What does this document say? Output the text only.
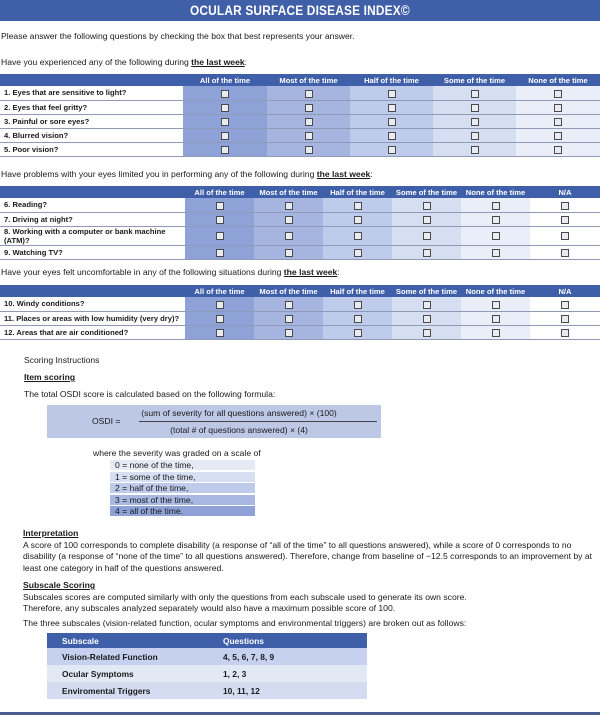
OCULAR SURFACE DISEASE INDEX©
Please answer the following questions by checking the box that best represents your answer.
Have you experienced any of the following during the last week:
	All of the time	Most of the time	Half of the time	Some of the time	None of the time
1. Eyes that are sensitive to light?					
2. Eyes that feel gritty?					
3. Painful or sore eyes?					
4. Blurred vision?					
5. Poor vision?					
Have problems with your eyes limited you in performing any of the following during the last week:
	All of the time	Most of the time	Half of the time	Some of the time	None of the time	N/A
6. Reading?						
7. Driving at night?						
8. Working with a computer or bank machine (ATM)?						
9. Watching TV?						
Have your eyes felt uncomfortable in any of the following situations during the last week:
	All of the time	Most of the time	Half of the time	Some of the time	None of the time	N/A
10. Windy conditions?						
11. Places or areas with low humidity (very dry)?						
12. Areas that are air conditioned?						
Scoring Instructions
Item scoring
The total OSDI score is calculated based on the following formula:
OSDI =
(sum of severity for all questions answered) × (100)
(total # of questions answered) × (4)
where the severity was graded on a scale of
0 = none of the time,
1 = some of the time,
2 = half of the time,
3 = most of the time,
4 = all of the time.
Interpretation
A score of 100 corresponds to complete disability (a response of “all of the time” to all questions answered), while a score of 0 corresponds to no disability (a response of “none of the time” to all questions answered). Therefore, change from baseline of −12.5 corresponds to an improvement by at least one category in half of the questions answered.
Subscale Scoring
Subscales scores are computed similarly with only the questions from each subscale used to generate its own score. Therefore, any subscales analyzed separately would also have a maximum possible score of 100.
The three subscales (vision-related function, ocular symptoms and environmental triggers) are broken out as follows:
Subscale	Questions
Vision-Related Function	4, 5, 6, 7, 8, 9
Ocular Symptoms	1, 2, 3
Enviromental Triggers	10, 11, 12
